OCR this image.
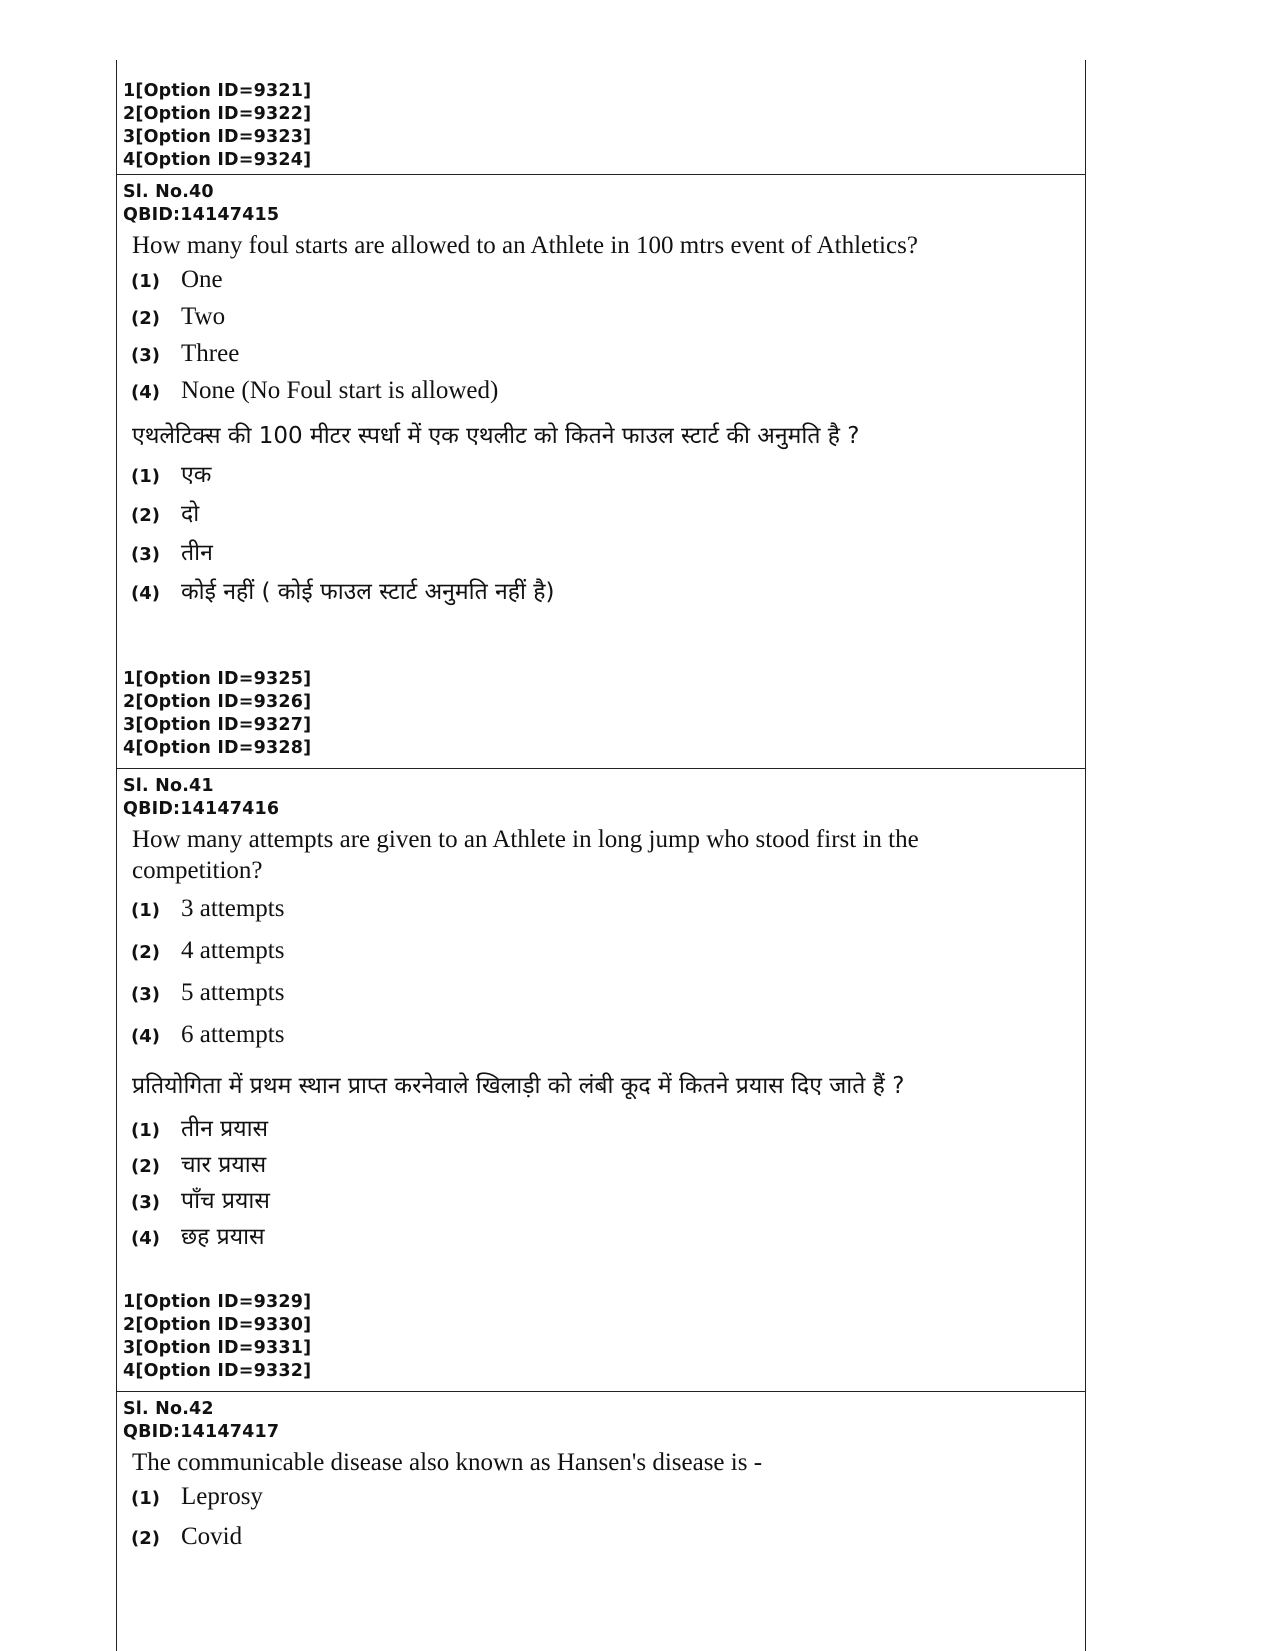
1[Option ID=9321]
2[Option ID=9322]
3[Option ID=9323]
4[Option ID=9324]
Sl. No.40
QBID:14147415

How many foul starts are allowed to an Athlete in 100 mtrs event of Athletics?

(1) One
(2) Two
(3) Three
(4) None (No Foul start is allowed)

एथलेटिक्स की 100 मीटर स्पर्धा में एक एथलीट को कितने फाउल स्टार्ट की अनुमति है ?

(1) एक
(2) दो
(3) तीन
(4) कोई नहीं ( कोई फाउल स्टार्ट अनुमति नहीं है)
1[Option ID=9325]
2[Option ID=9326]
3[Option ID=9327]
4[Option ID=9328]
Sl. No.41
QBID:14147416

How many attempts are given to an Athlete in long jump who stood first in the

competition?

(1) 3 attempts
(2) 4 attempts
(3) 5 attempts
(4) 6 attempts

प्रतियोगिता में प्रथम स्थान प्राप्त करनेवाले खिलाड़ी को लंबी कूद में कितने प्रयास दिए जाते हैं ?

(1) तीन प्रयास
(2) चार प्रयास
(3) पाँच प्रयास
(4) छह प्रयास
1[Option ID=9329]
2[Option ID=9330]
3[Option ID=9331]
4[Option ID=9332]
Sl. No.42
QBID:14147417

The communicable disease also known as Hansen's disease is -

(1) Leprosy
(2) Covid
